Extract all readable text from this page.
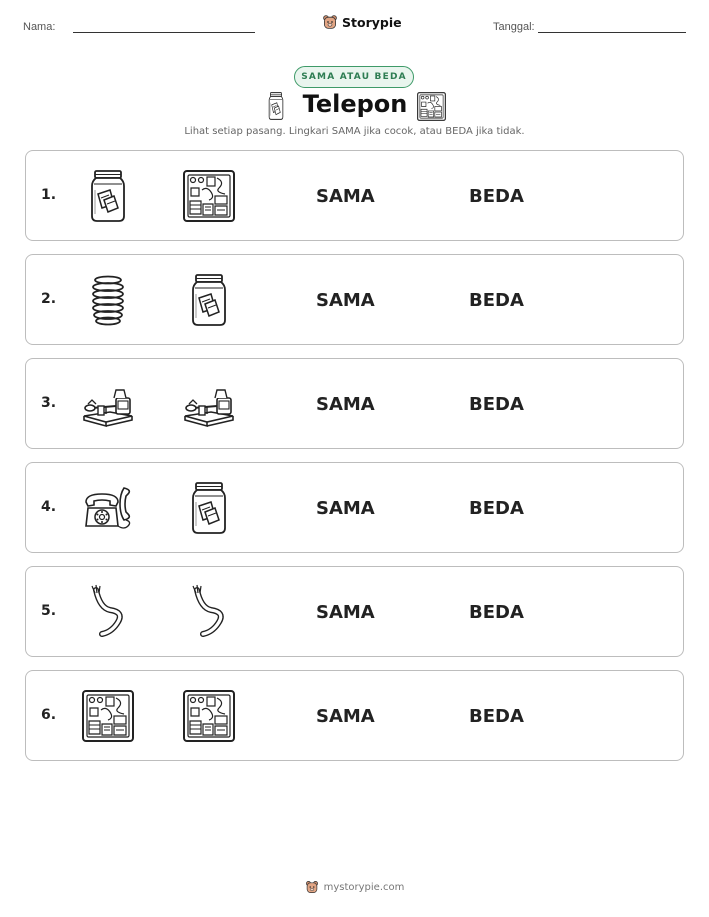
Nama:	Storypie	Tanggal:
SAMA ATAU BEDA
Telepon
Lihat setiap pasang. Lingkari SAMA jika cocok, atau BEDA jika tidak.
1.	SAMA	BEDA
2.	SAMA	BEDA
3.	SAMA	BEDA
4.	SAMA	BEDA
5.	SAMA	BEDA
6.	SAMA	BEDA
mystorypie.com
